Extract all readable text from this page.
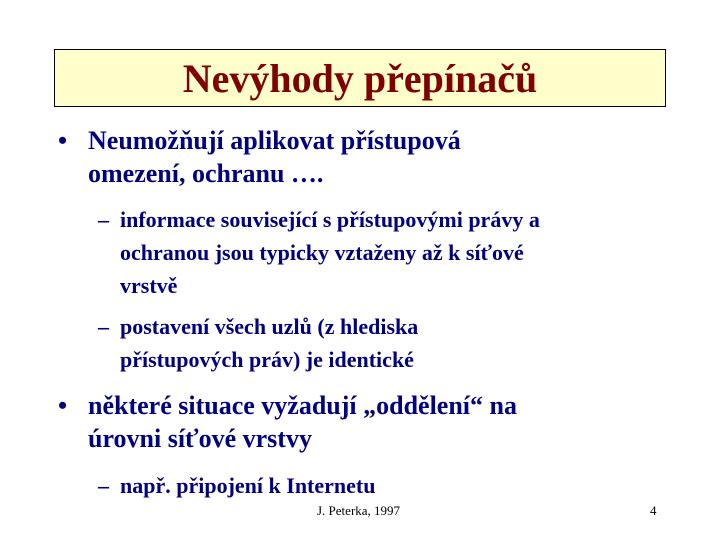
Nevýhody přepínačů
• Neumožňují aplikovat přístupová
omezení, ochranu ….
– informace související s přístupovými právy a
ochranou jsou typicky vztaženy až k síťové
vrstvě
– postavení všech uzlů (z hlediska
přístupových práv) je identické
• některé situace vyžadují „oddělení“ na
úrovni síťové vrstvy
– např. připojení k Internetu
J. Peterka, 1997	4
